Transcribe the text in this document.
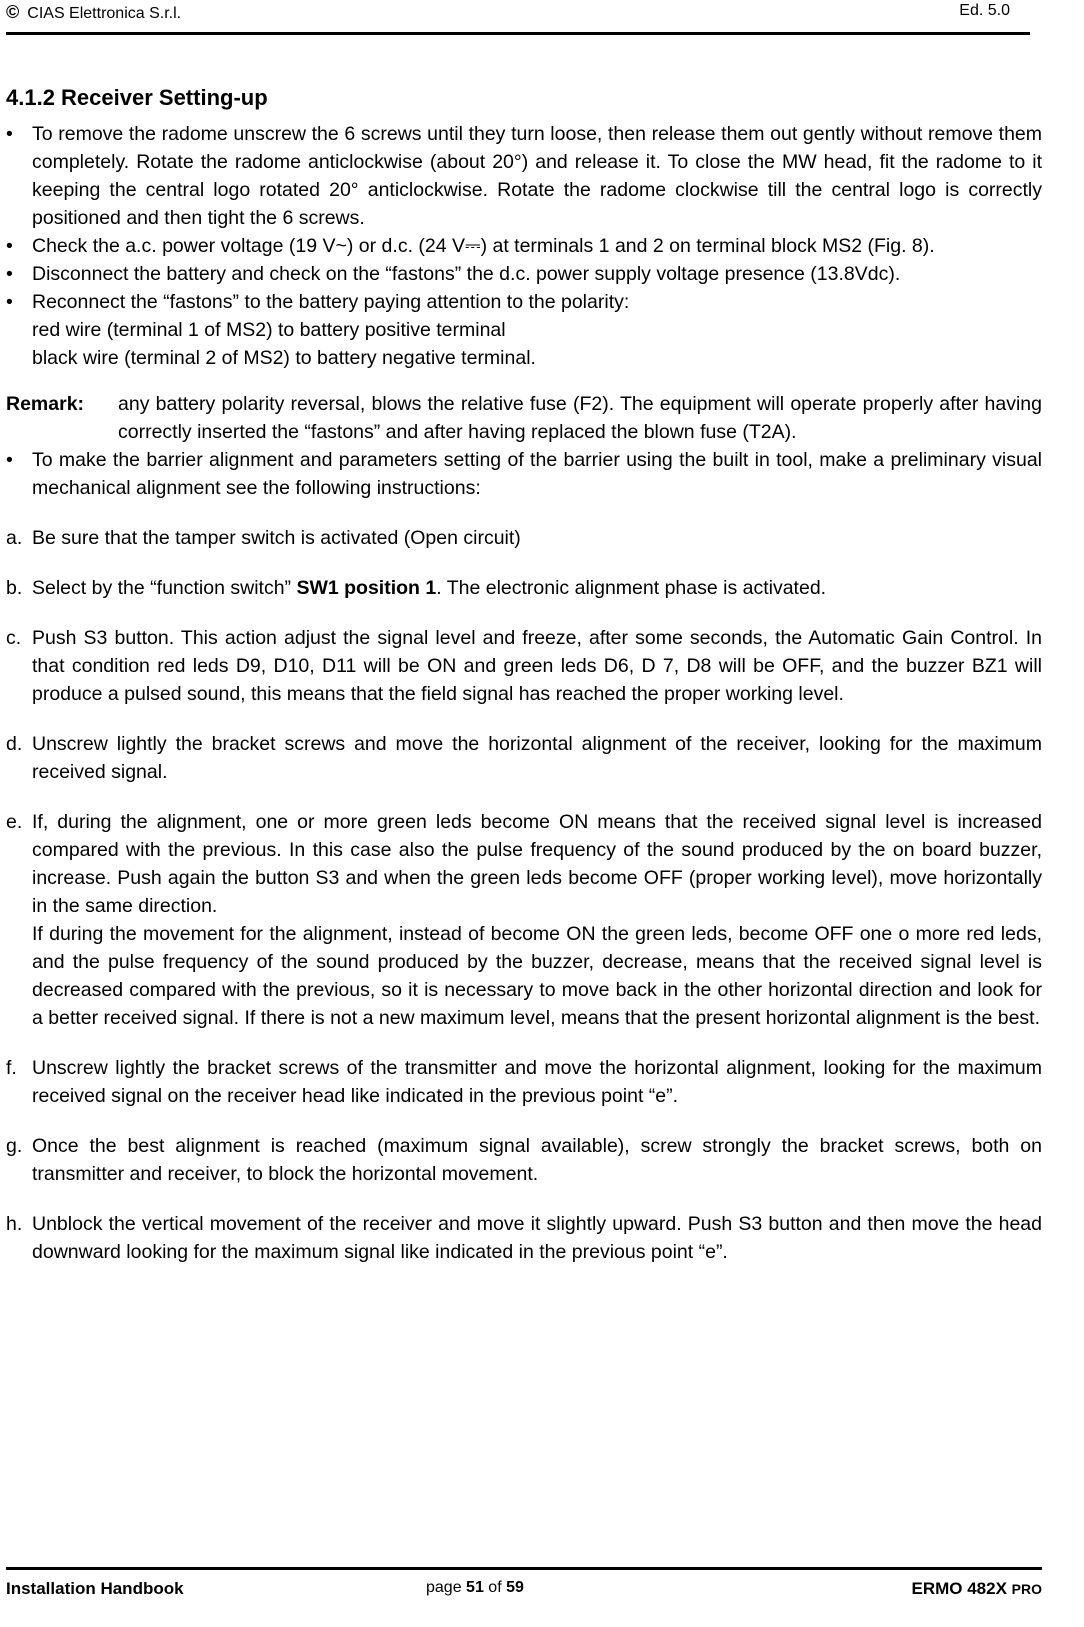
© CIAS Elettronica S.r.l.	Ed. 5.0
4.1.2 Receiver Setting-up

• To remove the radome unscrew the 6 screws until they turn loose, then release them out gently without remove them completely. Rotate the radome anticlockwise (about 20°) and release it. To close the MW head, fit the radome to it keeping the central logo rotated 20° anticlockwise. Rotate the radome clockwise till the central logo is correctly positioned and then tight the 6 screws.

• Check the a.c. power voltage (19 V~) or d.c. (24 V⎓) at terminals 1 and 2 on terminal block MS2 (Fig. 8).

• Disconnect the battery and check on the “fastons” the d.c. power supply voltage presence (13.8Vdc).

• Reconnect the “fastons” to the battery paying attention to the polarity:
red wire (terminal 1 of MS2) to battery positive terminal
black wire (terminal 2 of MS2) to battery negative terminal.

Remark: any battery polarity reversal, blows the relative fuse (F2). The equipment will operate properly after having correctly inserted the “fastons” and after having replaced the blown fuse (T2A).

• To make the barrier alignment and parameters setting of the barrier using the built in tool, make a preliminary visual mechanical alignment see the following instructions:

a. Be sure that the tamper switch is activated (Open circuit)
b. Select by the “function switch” SW1 position 1. The electronic alignment phase is activated.
c. Push S3 button. This action adjust the signal level and freeze, after some seconds, the Automatic Gain Control. In that condition red leds D9, D10, D11 will be ON and green leds D6, D 7, D8 will be OFF, and the buzzer BZ1 will produce a pulsed sound, this means that the field signal has reached the proper working level.
d. Unscrew lightly the bracket screws and move the horizontal alignment of the receiver, looking for the maximum received signal.
e. If, during the alignment, one or more green leds become ON means that the received signal level is increased compared with the previous. In this case also the pulse frequency of the sound produced by the on board buzzer, increase. Push again the button S3 and when the green leds become OFF (proper working level), move horizontally in the same direction.
If during the movement for the alignment, instead of become ON the green leds, become OFF one o more red leds, and the pulse frequency of the sound produced by the buzzer, decrease, means that the received signal level is decreased compared with the previous, so it is necessary to move back in the other horizontal direction and look for a better received signal. If there is not a new maximum level, means that the present horizontal alignment is the best.
f. Unscrew lightly the bracket screws of the transmitter and move the horizontal alignment, looking for the maximum received signal on the receiver head like indicated in the previous point “e”.
g. Once the best alignment is reached (maximum signal available), screw strongly the bracket screws, both on transmitter and receiver, to block the horizontal movement.
h. Unblock the vertical movement of the receiver and move it slightly upward. Push S3 button and then move the head downward looking for the maximum signal like indicated in the previous point “e”.
Installation Handbook	page 51 of 59	ERMO 482X PRO
